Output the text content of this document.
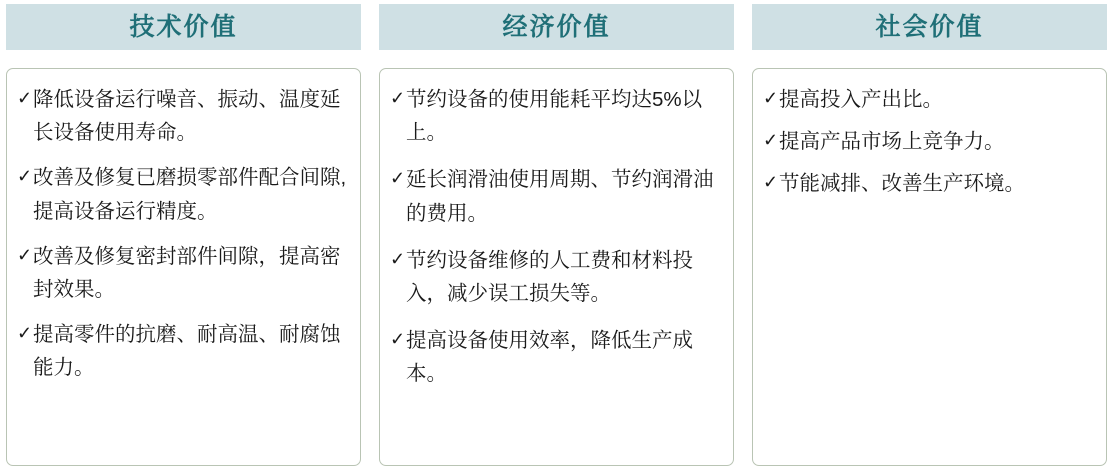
技术价值
✓ 降低设备运行噪音、振动、温度延长设备使用寿命。
✓ 改善及修复已磨损零部件配合间隙,提高设备运行精度。
✓ 改善及修复密封部件间隙，提高密封效果。
✓ 提高零件的抗磨、耐高温、耐腐蚀能力。
经济价值
✓ 节约设备的使用能耗平均达5%以上。
✓ 延长润滑油使用周期、节约润滑油的费用。
✓ 节约设备维修的人工费和材料投入，减少误工损失等。
✓ 提高设备使用效率，降低生产成本。
社会价值
✓ 提高投入产出比。
✓ 提高产品市场上竞争力。
✓ 节能减排、改善生产环境。
